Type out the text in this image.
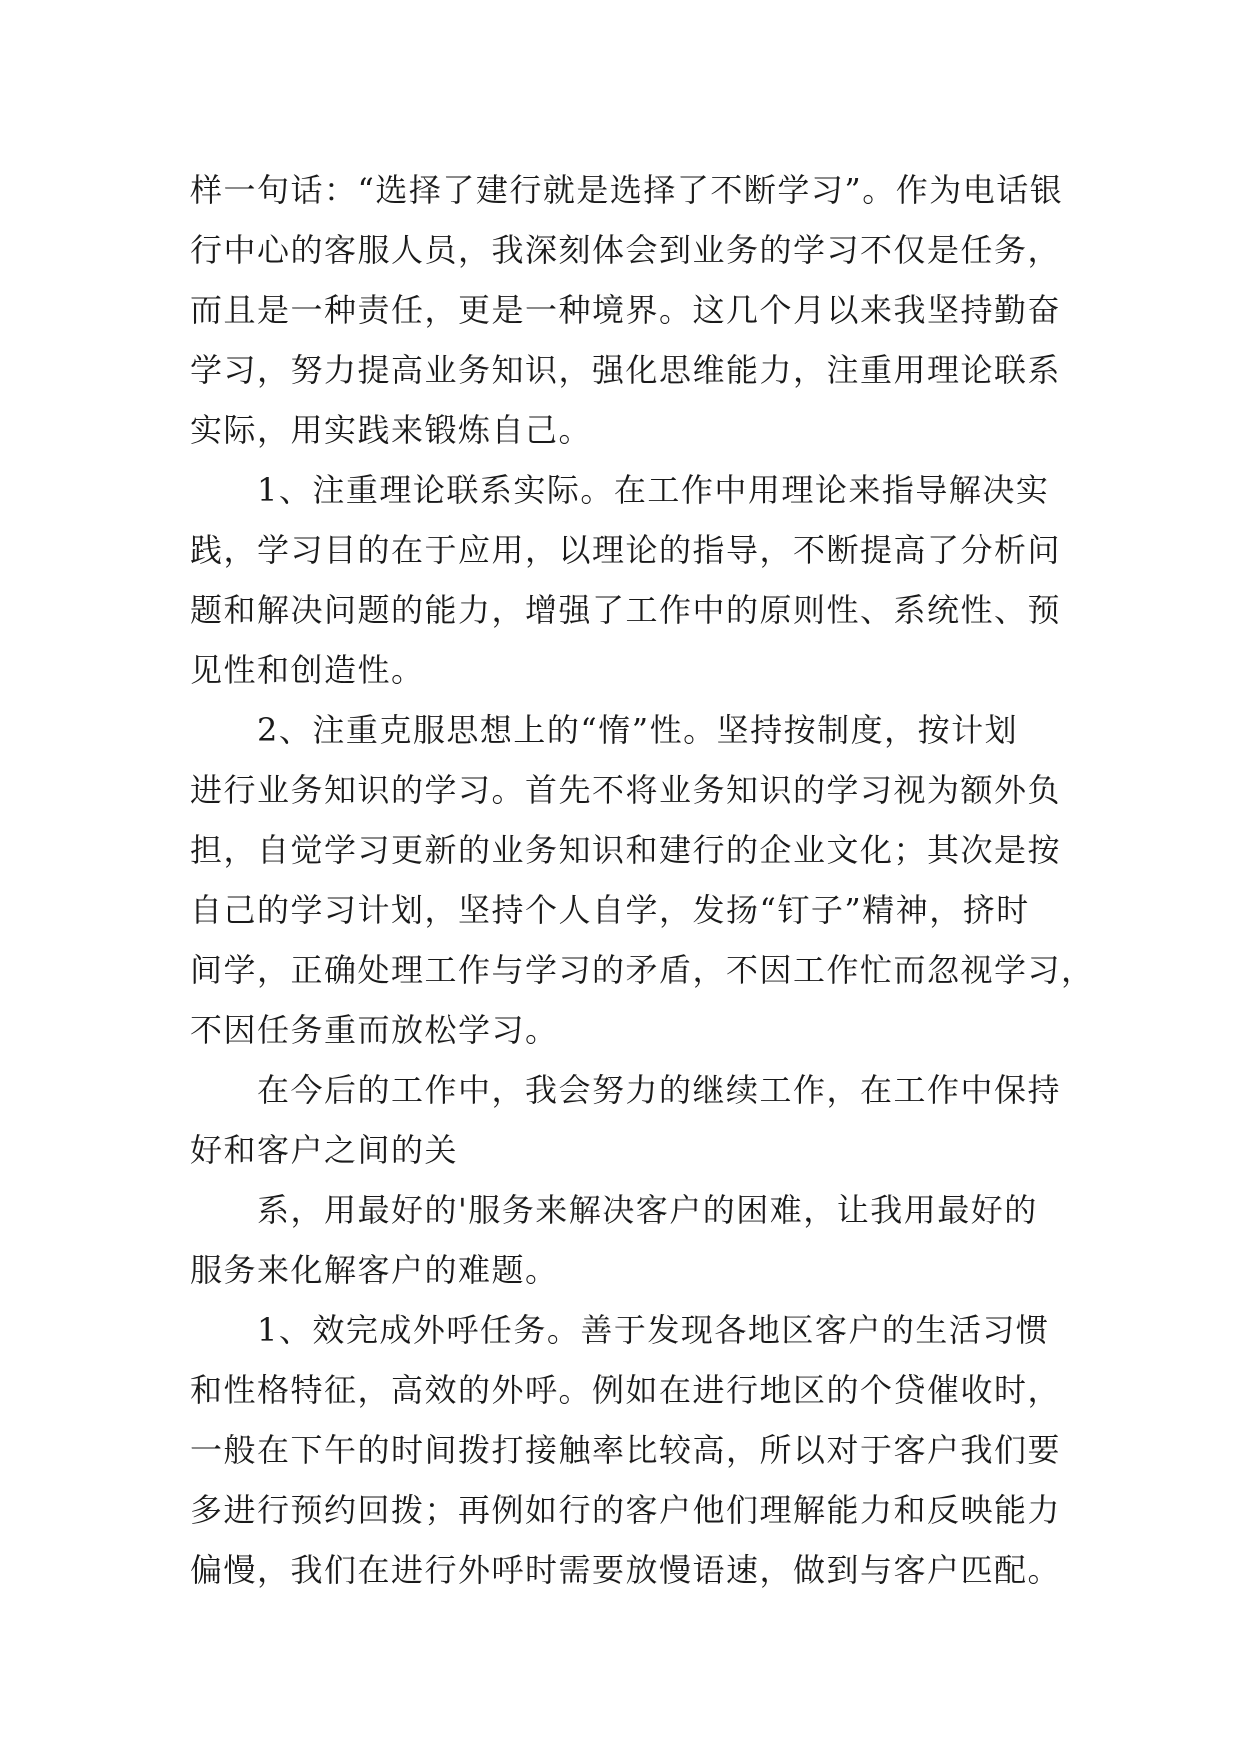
样一句话：“选择了建行就是选择了不断学习”。作为电话银
行中心的客服人员，我深刻体会到业务的学习不仅是任务，
而且是一种责任，更是一种境界。这几个月以来我坚持勤奋
学习，努力提高业务知识，强化思维能力，注重用理论联系
实际，用实践来锻炼自己。
　　1、注重理论联系实际。在工作中用理论来指导解决实
践，学习目的在于应用，以理论的指导，不断提高了分析问
题和解决问题的能力，增强了工作中的原则性、系统性、预
见性和创造性。
　　2、注重克服思想上的“惰”性。坚持按制度，按计划
进行业务知识的学习。首先不将业务知识的学习视为额外负
担，自觉学习更新的业务知识和建行的企业文化；其次是按
自己的学习计划，坚持个人自学，发扬“钉子”精神，挤时
间学，正确处理工作与学习的矛盾，不因工作忙而忽视学习，
不因任务重而放松学习。
　　在今后的工作中，我会努力的继续工作，在工作中保持
好和客户之间的关
　　系，用最好的'服务来解决客户的困难，让我用最好的
服务来化解客户的难题。
　　1、效完成外呼任务。善于发现各地区客户的生活习惯
和性格特征，高效的外呼。例如在进行地区的个贷催收时，
一般在下午的时间拨打接触率比较高，所以对于客户我们要
多进行预约回拨；再例如行的客户他们理解能力和反映能力
偏慢，我们在进行外呼时需要放慢语速，做到与客户匹配。
